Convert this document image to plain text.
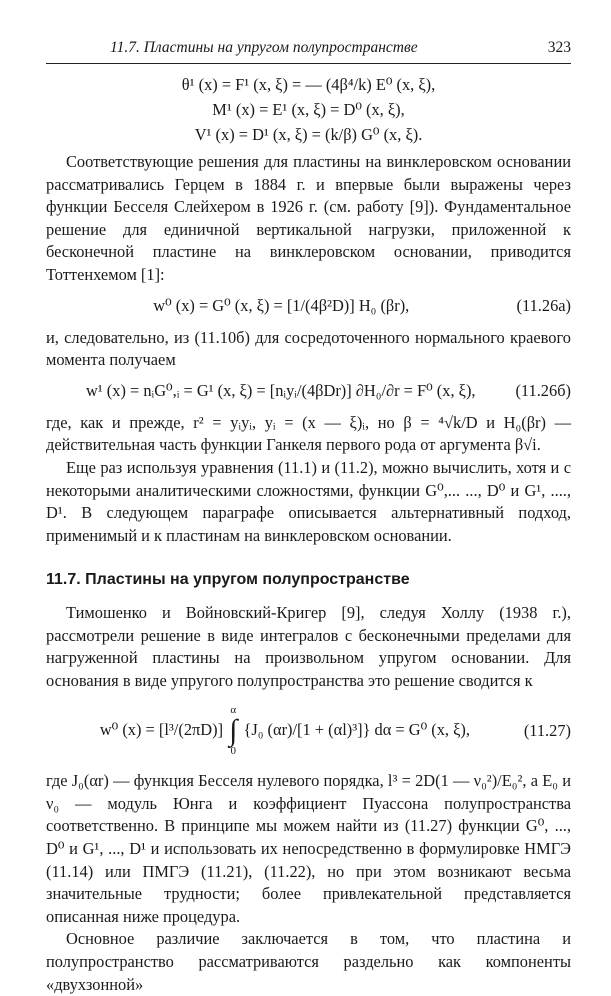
11.7. Пластины на упругом полупространстве	323
θ¹ (x) = F¹ (x, ξ) = — (4β⁴/k) E⁰ (x, ξ),
M¹ (x) = E¹ (x, ξ) = D⁰ (x, ξ),
V¹ (x) = D¹ (x, ξ) = (k/β) G⁰ (x, ξ).

Соответствующие решения для пластины на винклеровском основании рассматривались Герцем в 1884 г. и впервые были выражены через функции Бесселя Слейхером в 1926 г. (см. работу [9]). Фундаментальное решение для единичной вертикальной нагрузки, приложенной к бесконечной пластине на винклеровском основании, приводится Тоттенхемом [1]:

w⁰ (x) = G⁰ (x, ξ) = [1/(4β²D)] H₀ (βr),	(11.26a)

и, следовательно, из (11.10б) для сосредоточенного нормального краевого момента получаем

w¹ (x) = nᵢG⁰,ᵢ = G¹ (x, ξ) = [nᵢyᵢ/(4βDr)] ∂H₀/∂r = F⁰ (x, ξ),	(11.26б)

где, как и прежде, r² = yᵢyᵢ, yᵢ = (x — ξ)ᵢ, но β = ⁴√k/D и H₀(βr) — действительная часть функции Ганкеля первого рода от аргумента β√i.

Еще раз используя уравнения (11.1) и (11.2), можно вычислить, хотя и с некоторыми аналитическими сложностями, функции G⁰,... ..., D⁰ и G¹, ...., D¹. В следующем параграфе описывается альтернативный подход, применимый и к пластинам на винклеровском основании.

11.7. Пластины на упругом полупространстве

Тимошенко и Войновский-Кригер [9], следуя Холлу (1938 г.), рассмотрели решение в виде интегралов с бесконечными пределами для нагруженной пластины на произвольном упругом основании. Для основания в виде упругого полупространства это решение сводится к

w⁰ (x) = [l³/(2πD)]
α
∫
0
{J₀ (αr)/[1 + (αl)³]} dα = G⁰ (x, ξ),	(11.27)

где J₀(αr) — функция Бесселя нулевого порядка, l³ = 2D(1 — ν₀²)/E₀², а E₀ и ν₀ — модуль Юнга и коэффициент Пуассона полупространства соответственно. В принципе мы можем найти из (11.27) функции G⁰, ..., D⁰ и G¹, ..., D¹ и использовать их непосредственно в формулировке НМГЭ (11.14) или ПМГЭ (11.21), (11.22), но при этом возникают весьма значительные трудности; более привлекательной представляется описанная ниже процедура.

Основное различие заключается в том, что пластина и полупространство рассматриваются раздельно как компоненты «двухзонной»
